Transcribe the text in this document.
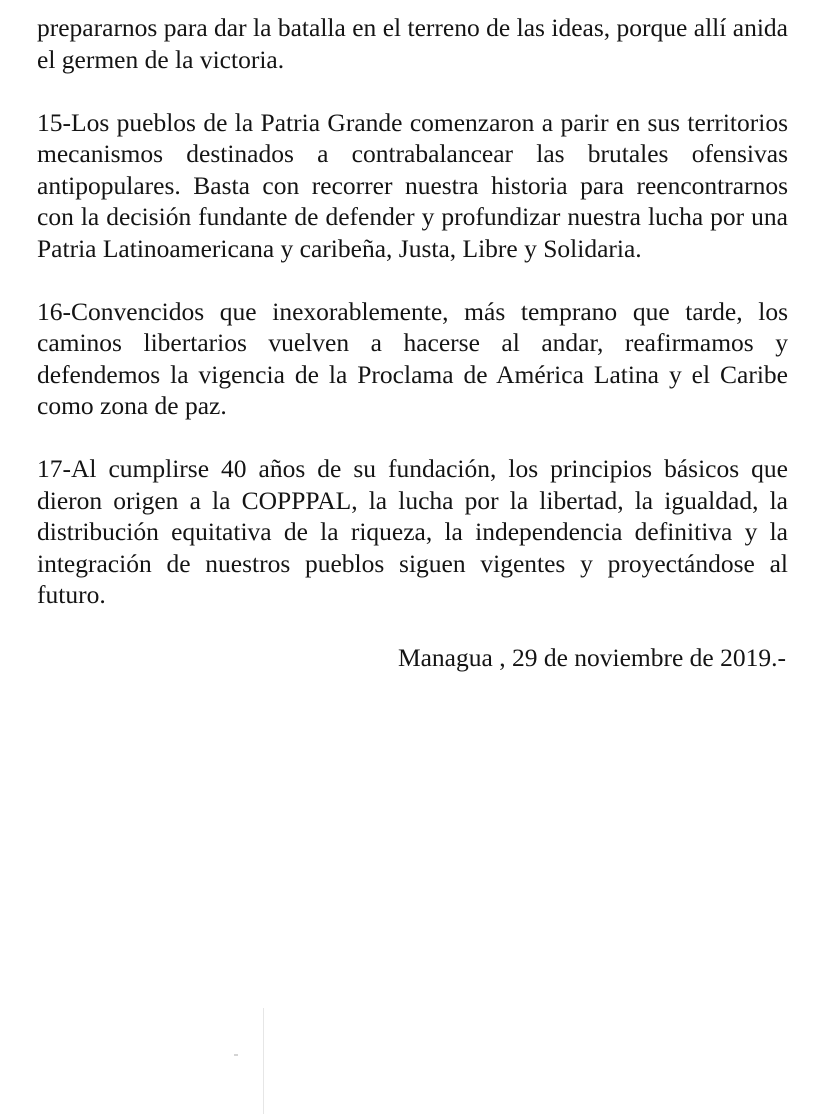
prepararnos para dar la batalla en el terreno de las ideas, porque allí anida el germen de la victoria.

15-Los pueblos de la Patria Grande comenzaron a parir en sus territorios mecanismos destinados a contrabalancear las brutales ofensivas antipopulares. Basta con recorrer nuestra historia para reencontrarnos con la decisión fundante de defender y profundizar nuestra lucha por una Patria Latinoamericana y caribeña, Justa, Libre y Solidaria.

16-Convencidos que inexorablemente, más temprano que tarde, los caminos libertarios vuelven a hacerse al andar, reafirmamos y defendemos la vigencia de la Proclama de América Latina y el Caribe como zona de paz.

17-Al cumplirse 40 años de su fundación, los principios básicos que dieron origen a la COPPPAL, la lucha por la libertad, la igualdad, la distribución equitativa de la riqueza, la independencia definitiva y la integración de nuestros pueblos siguen vigentes y proyectándose al futuro.

Managua , 29 de noviembre de 2019.-
